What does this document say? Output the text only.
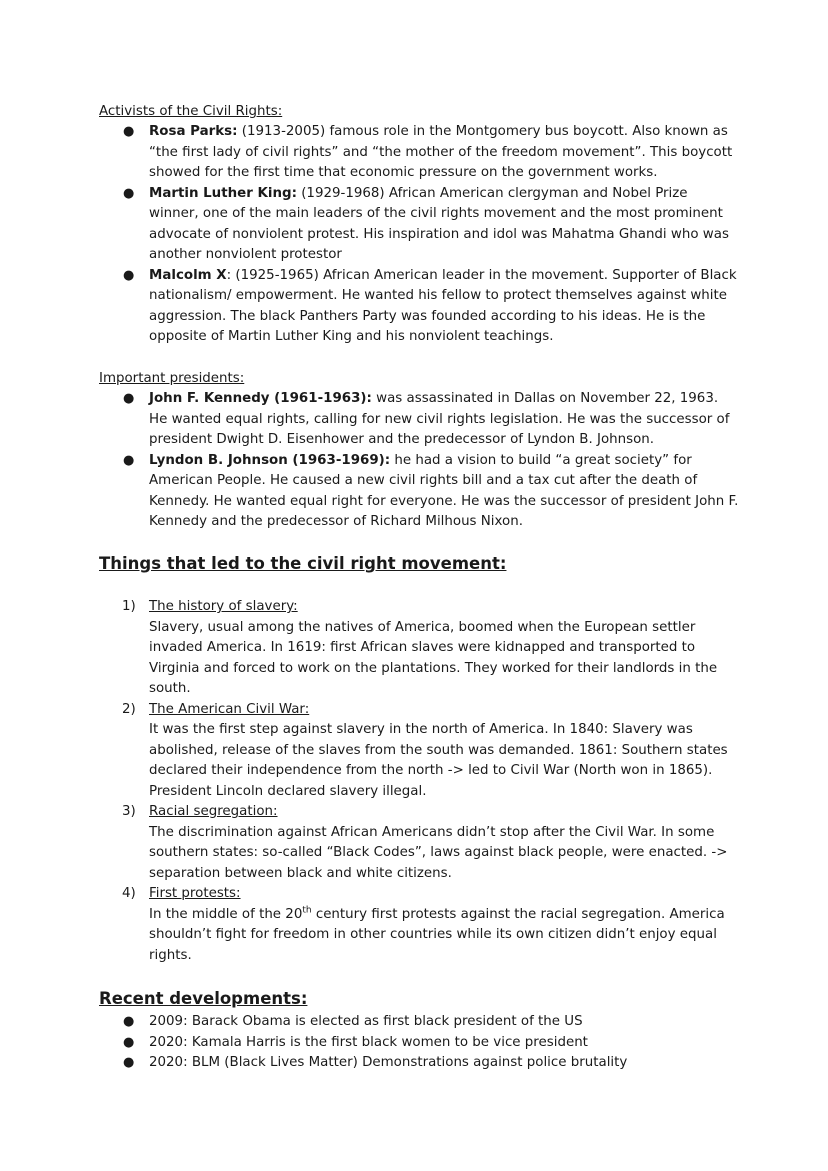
Activists of the Civil Rights:
● Rosa Parks: (1913-2005) famous role in the Montgomery bus boycott. Also known as “the first lady of civil rights” and “the mother of the freedom movement”. This boycott showed for the first time that economic pressure on the government works.
● Martin Luther King: (1929-1968) African American clergyman and Nobel Prize winner, one of the main leaders of the civil rights movement and the most prominent advocate of nonviolent protest. His inspiration and idol was Mahatma Ghandi who was another nonviolent protestor
● Malcolm X: (1925-1965) African American leader in the movement. Supporter of Black nationalism/ empowerment. He wanted his fellow to protect themselves against white aggression. The black Panthers Party was founded according to his ideas. He is the opposite of Martin Luther King and his nonviolent teachings.
Important presidents:
● John F. Kennedy (1961-1963): was assassinated in Dallas on November 22, 1963. He wanted equal rights, calling for new civil rights legislation. He was the successor of president Dwight D. Eisenhower and the predecessor of Lyndon B. Johnson.
● Lyndon B. Johnson (1963-1969): he had a vision to build “a great society” for American People. He caused a new civil rights bill and a tax cut after the death of Kennedy. He wanted equal right for everyone. He was the successor of president John F. Kennedy and the predecessor of Richard Milhous Nixon.
Things that led to the civil right movement:
1) The history of slavery:
Slavery, usual among the natives of America, boomed when the European settler invaded America. In 1619: first African slaves were kidnapped and transported to Virginia and forced to work on the plantations. They worked for their landlords in the south.
2) The American Civil War:
It was the first step against slavery in the north of America. In 1840: Slavery was abolished, release of the slaves from the south was demanded. 1861: Southern states declared their independence from the north -> led to Civil War (North won in 1865). President Lincoln declared slavery illegal.
3) Racial segregation:
The discrimination against African Americans didn’t stop after the Civil War. In some southern states: so-called “Black Codes”, laws against black people, were enacted. -> separation between black and white citizens.
4) First protests:
In the middle of the 20th century first protests against the racial segregation. America shouldn’t fight for freedom in other countries while its own citizen didn’t enjoy equal rights.
Recent developments:
● 2009: Barack Obama is elected as first black president of the US
● 2020: Kamala Harris is the first black women to be vice president
● 2020: BLM (Black Lives Matter) Demonstrations against police brutality
